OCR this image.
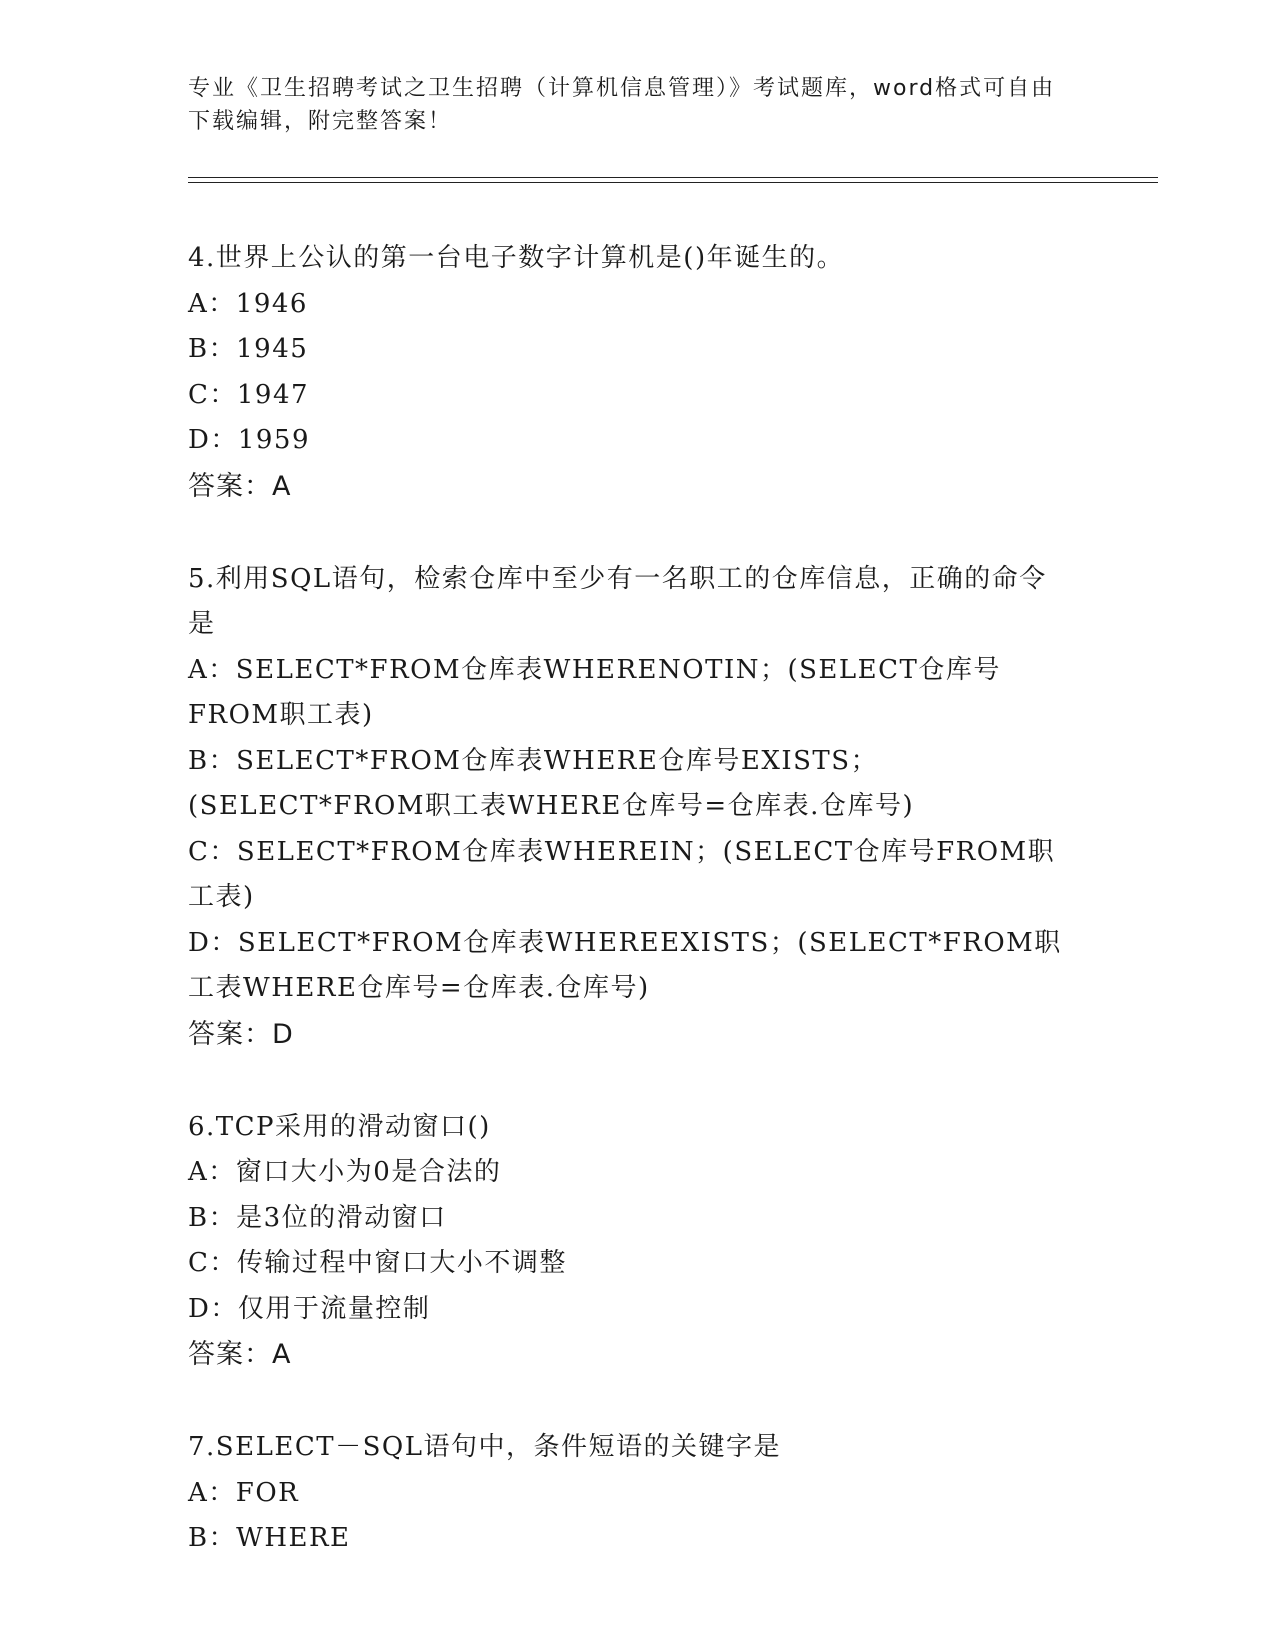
专业《卫生招聘考试之卫生招聘（计算机信息管理）》考试题库，word格式可自由下载编辑，附完整答案！
4.世界上公认的第一台电子数字计算机是()年诞生的。
A：1946
B：1945
C：1947
D：1959
答案：A
5.利用SQL语句，检索仓库中至少有一名职工的仓库信息，正确的命令是
A：SELECT*FROM仓库表WHERENOTIN；(SELECT仓库号FROM职工表)
B：SELECT*FROM仓库表WHERE仓库号EXISTS；(SELECT*FROM职工表WHERE仓库号=仓库表.仓库号)
C：SELECT*FROM仓库表WHEREIN；(SELECT仓库号FROM职工表)
D：SELECT*FROM仓库表WHEREEXISTS；(SELECT*FROM职工表WHERE仓库号=仓库表.仓库号)
答案：D
6.TCP采用的滑动窗口()
A：窗口大小为0是合法的
B：是3位的滑动窗口
C：传输过程中窗口大小不调整
D：仅用于流量控制
答案：A
7.SELECT－SQL语句中，条件短语的关键字是
A：FOR
B：WHERE
